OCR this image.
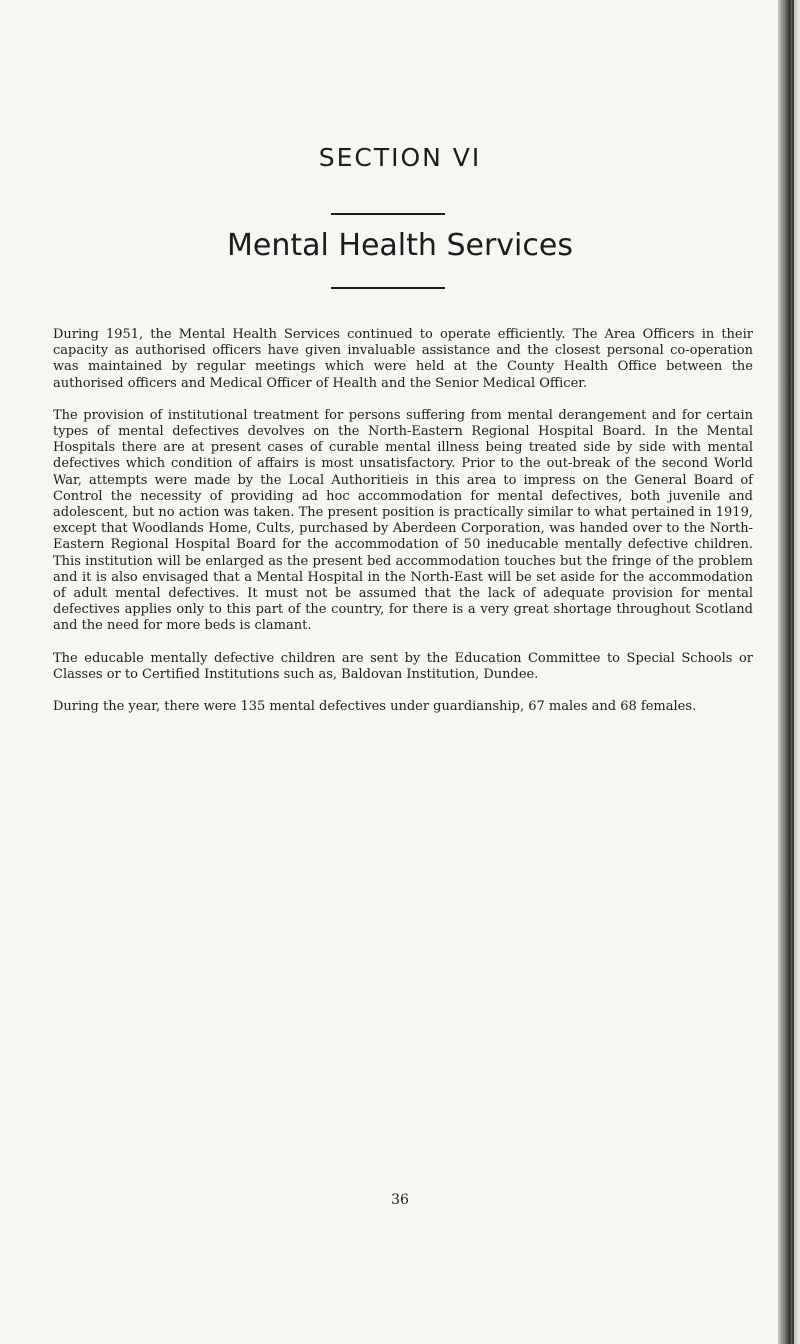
SECTION VI
Mental Health Services

During 1951, the Mental Health Services continued to operate efficiently. The Area Officers in their capacity as authorised officers have given invaluable assistance and the closest personal co-operation was maintained by regular meetings which were held at the County Health Office between the authorised officers and Medical Officer of Health and the Senior Medical Officer.

The provision of institutional treatment for persons suffering from mental derangement and for certain types of mental defectives devolves on the North-Eastern Regional Hospital Board. In the Mental Hospitals there are at present cases of curable mental illness being treated side by side with mental defectives which condition of affairs is most unsatisfactory. Prior to the out-break of the second World War, attempts were made by the Local Authoritieis in this area to impress on the General Board of Control the necessity of providing ad hoc accommodation for mental defectives, both juvenile and adolescent, but no action was taken. The present position is practically similar to what pertained in 1919, except that Woodlands Home, Cults, purchased by Aberdeen Corporation, was handed over to the North-Eastern Regional Hospital Board for the accommodation of 50 ineducable mentally defective children. This institution will be enlarged as the present bed accommodation touches but the fringe of the problem and it is also envisaged that a Mental Hospital in the North-East will be set aside for the accommodation of adult mental defectives. It must not be assumed that the lack of adequate provision for mental defectives applies only to this part of the country, for there is a very great shortage throughout Scotland and the need for more beds is clamant.

The educable mentally defective children are sent by the Education Committee to Special Schools or Classes or to Certified Institutions such as, Baldovan Institution, Dundee.

During the year, there were 135 mental defectives under guardianship, 67 males and 68 females.

36
